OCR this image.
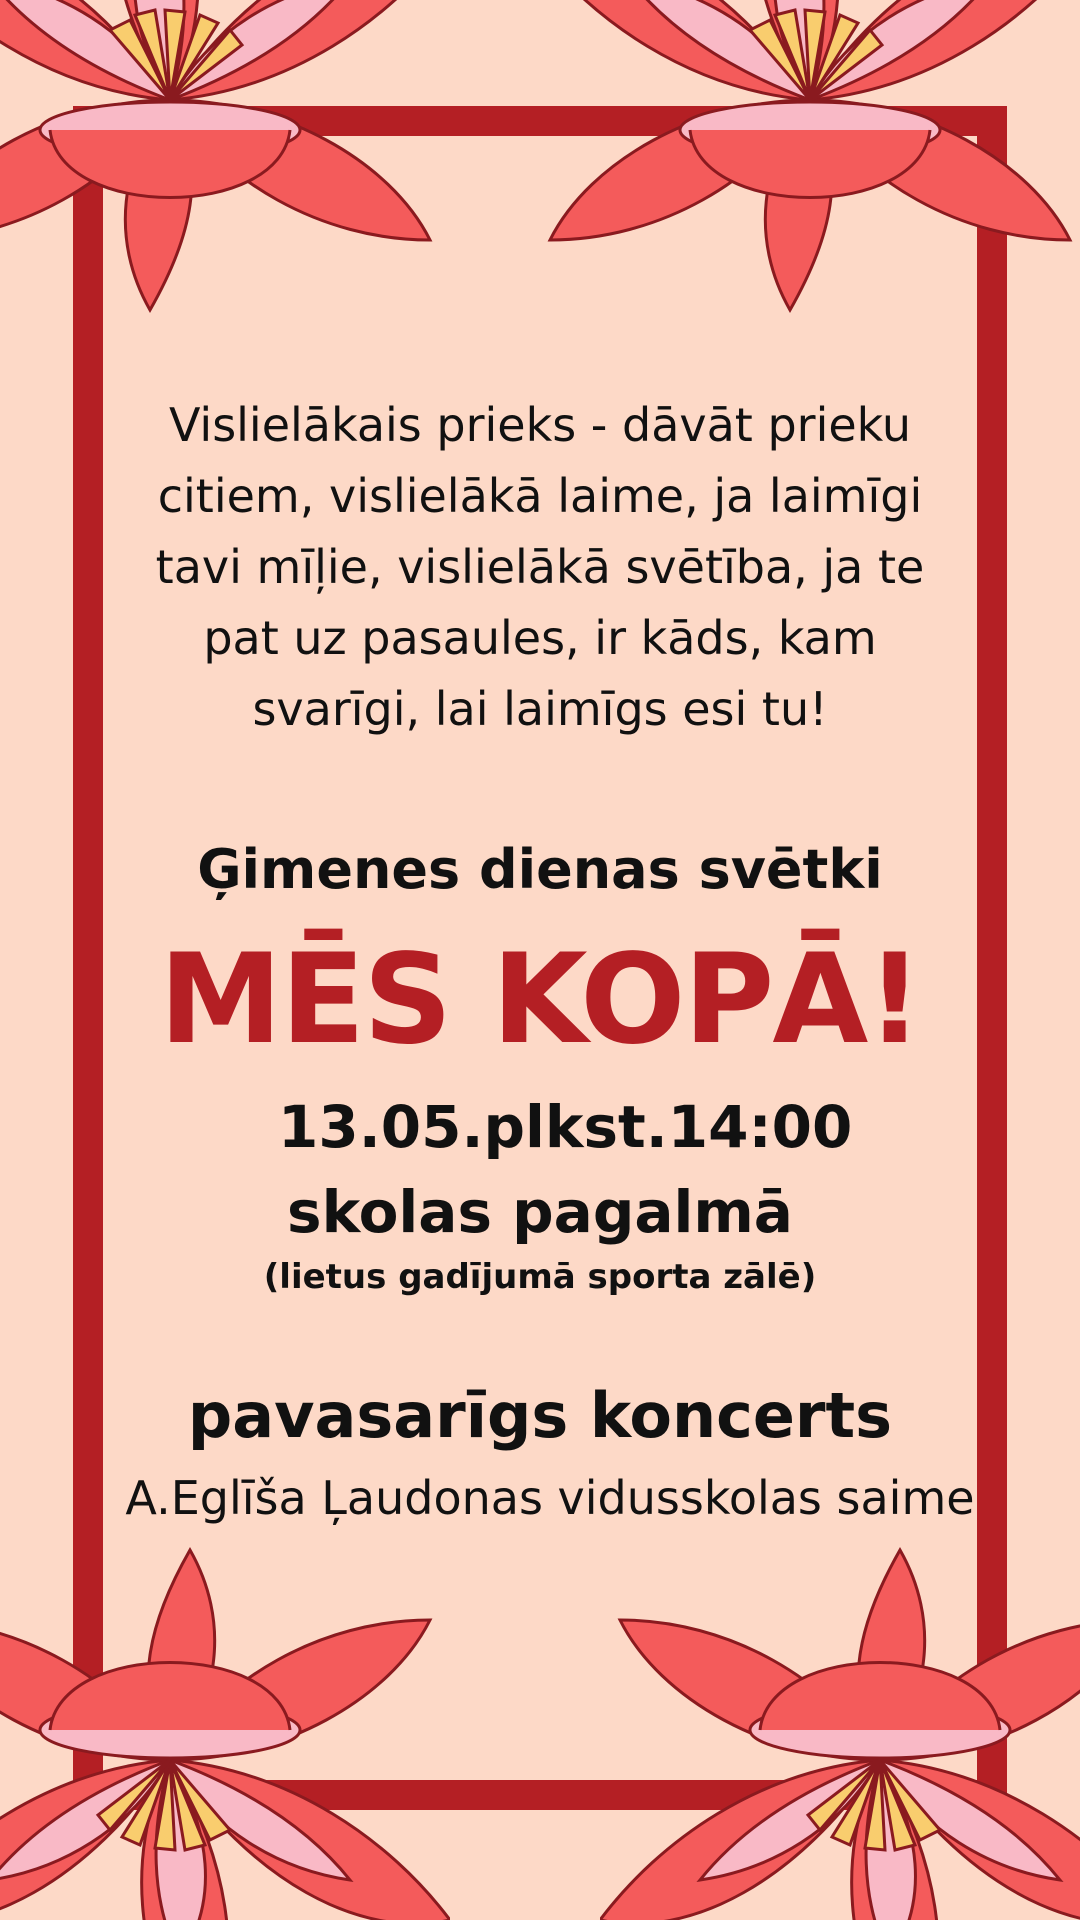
Vislielākais prieks - dāvāt prieku citiem, vislielākā laime, ja laimīgi tavi mīļie, vislielākā svētība, ja te pat uz pasaules, ir kāds, kam svarīgi, lai laimīgs esi tu!
Ģimenes dienas svētki
MĒS KOPĀ!
13.05.plkst.14:00
skolas pagalmā
(lietus gadījumā sporta zālē)
pavasarīgs koncerts
A.Eglīša Ļaudonas vidusskolas saime
